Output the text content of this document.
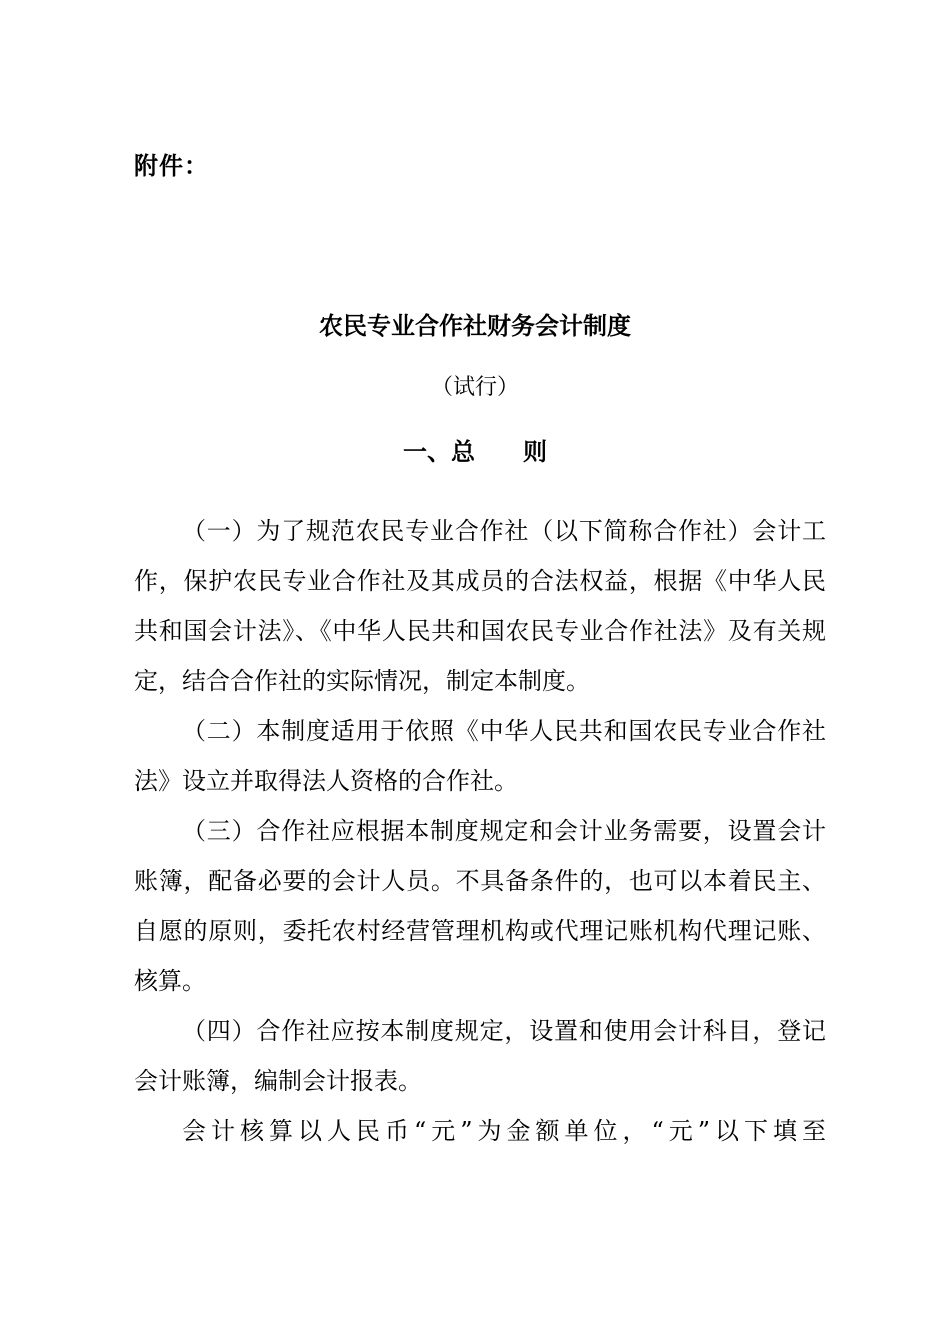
附件：
农民专业合作社财务会计制度
（试行）
一、总　　则

（一）为了规范农民专业合作社（以下简称合作社）会计工作，保护农民专业合作社及其成员的合法权益，根据《中华人民共和国会计法》、《中华人民共和国农民专业合作社法》及有关规定，结合合作社的实际情况，制定本制度。

（二）本制度适用于依照《中华人民共和国农民专业合作社法》设立并取得法人资格的合作社。

（三）合作社应根据本制度规定和会计业务需要，设置会计账簿，配备必要的会计人员。不具备条件的，也可以本着民主、自愿的原则，委托农村经营管理机构或代理记账机构代理记账、核算。

（四）合作社应按本制度规定，设置和使用会计科目，登记会计账簿，编制会计报表。

会计核算以人民币“元”为金额单位，“元”以下填至
